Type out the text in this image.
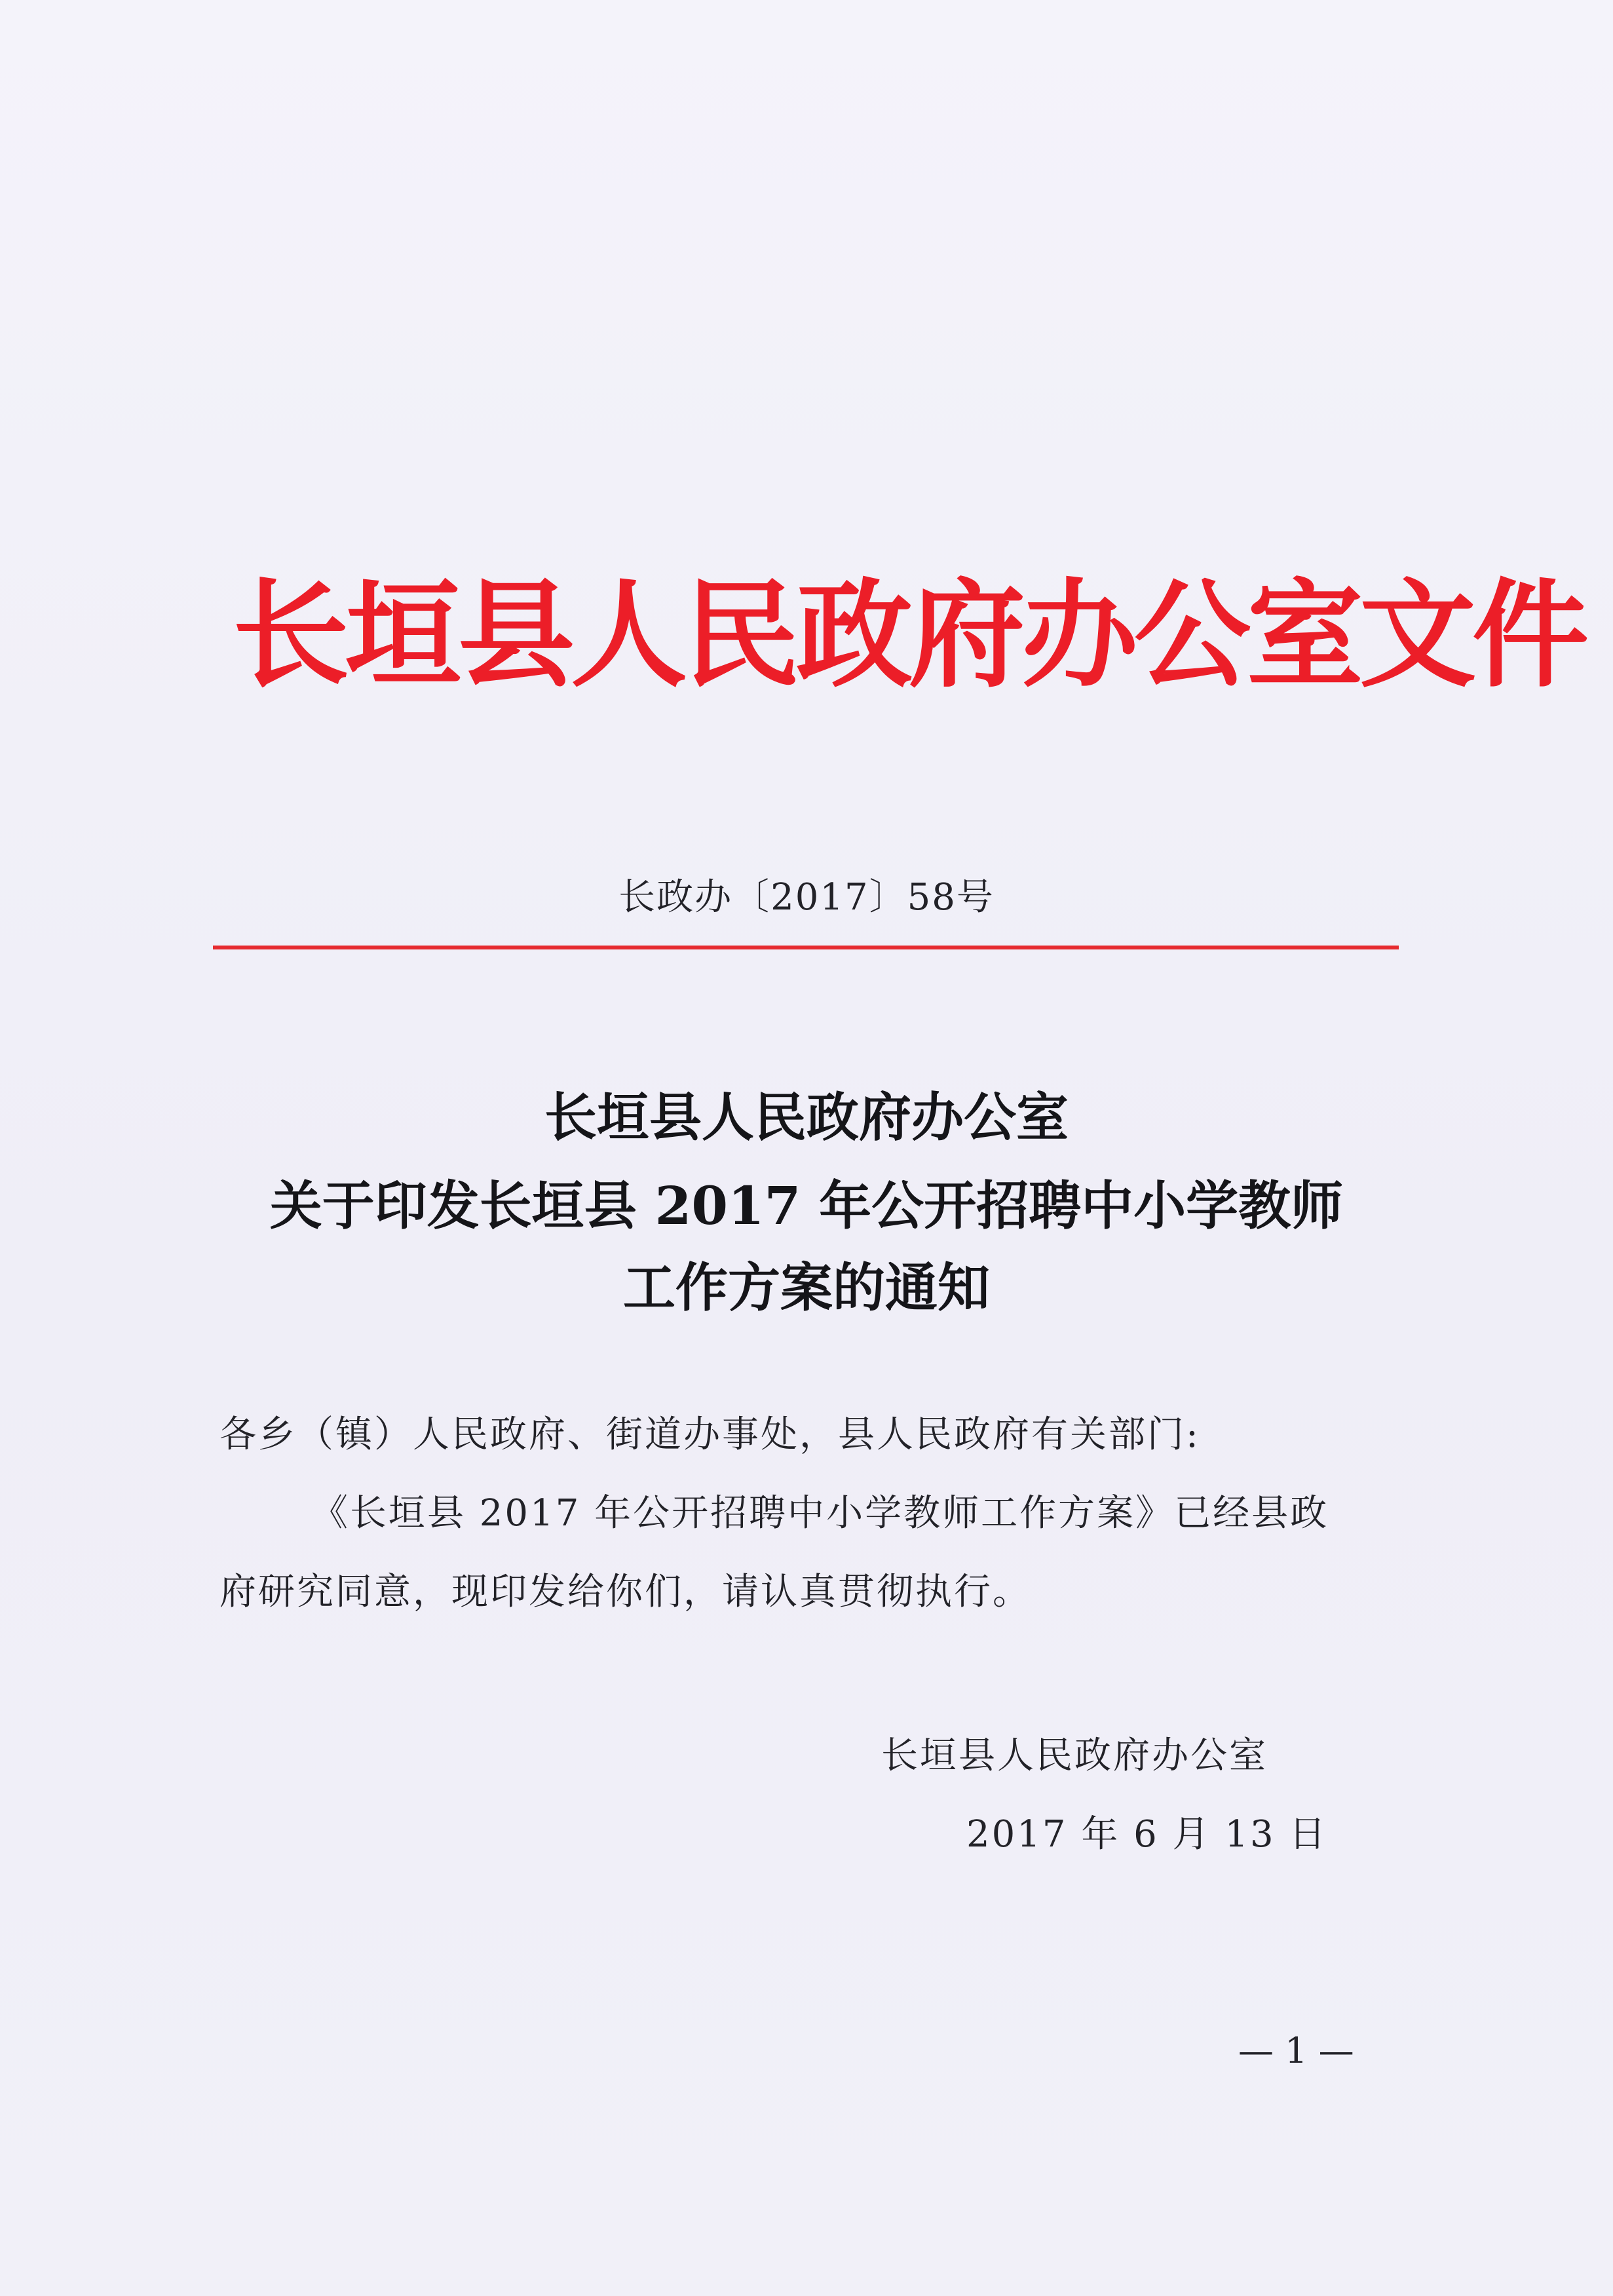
长垣县人民政府办公室文件
长政办〔2017〕58号
长垣县人民政府办公室
关于印发长垣县 2017 年公开招聘中小学教师
工作方案的通知
各乡（镇）人民政府、街道办事处，县人民政府有关部门:
《长垣县 2017 年公开招聘中小学教师工作方案》已经县政
府研究同意，现印发给你们，请认真贯彻执行。
长垣县人民政府办公室
2017 年 6 月 13 日
— 1 —
